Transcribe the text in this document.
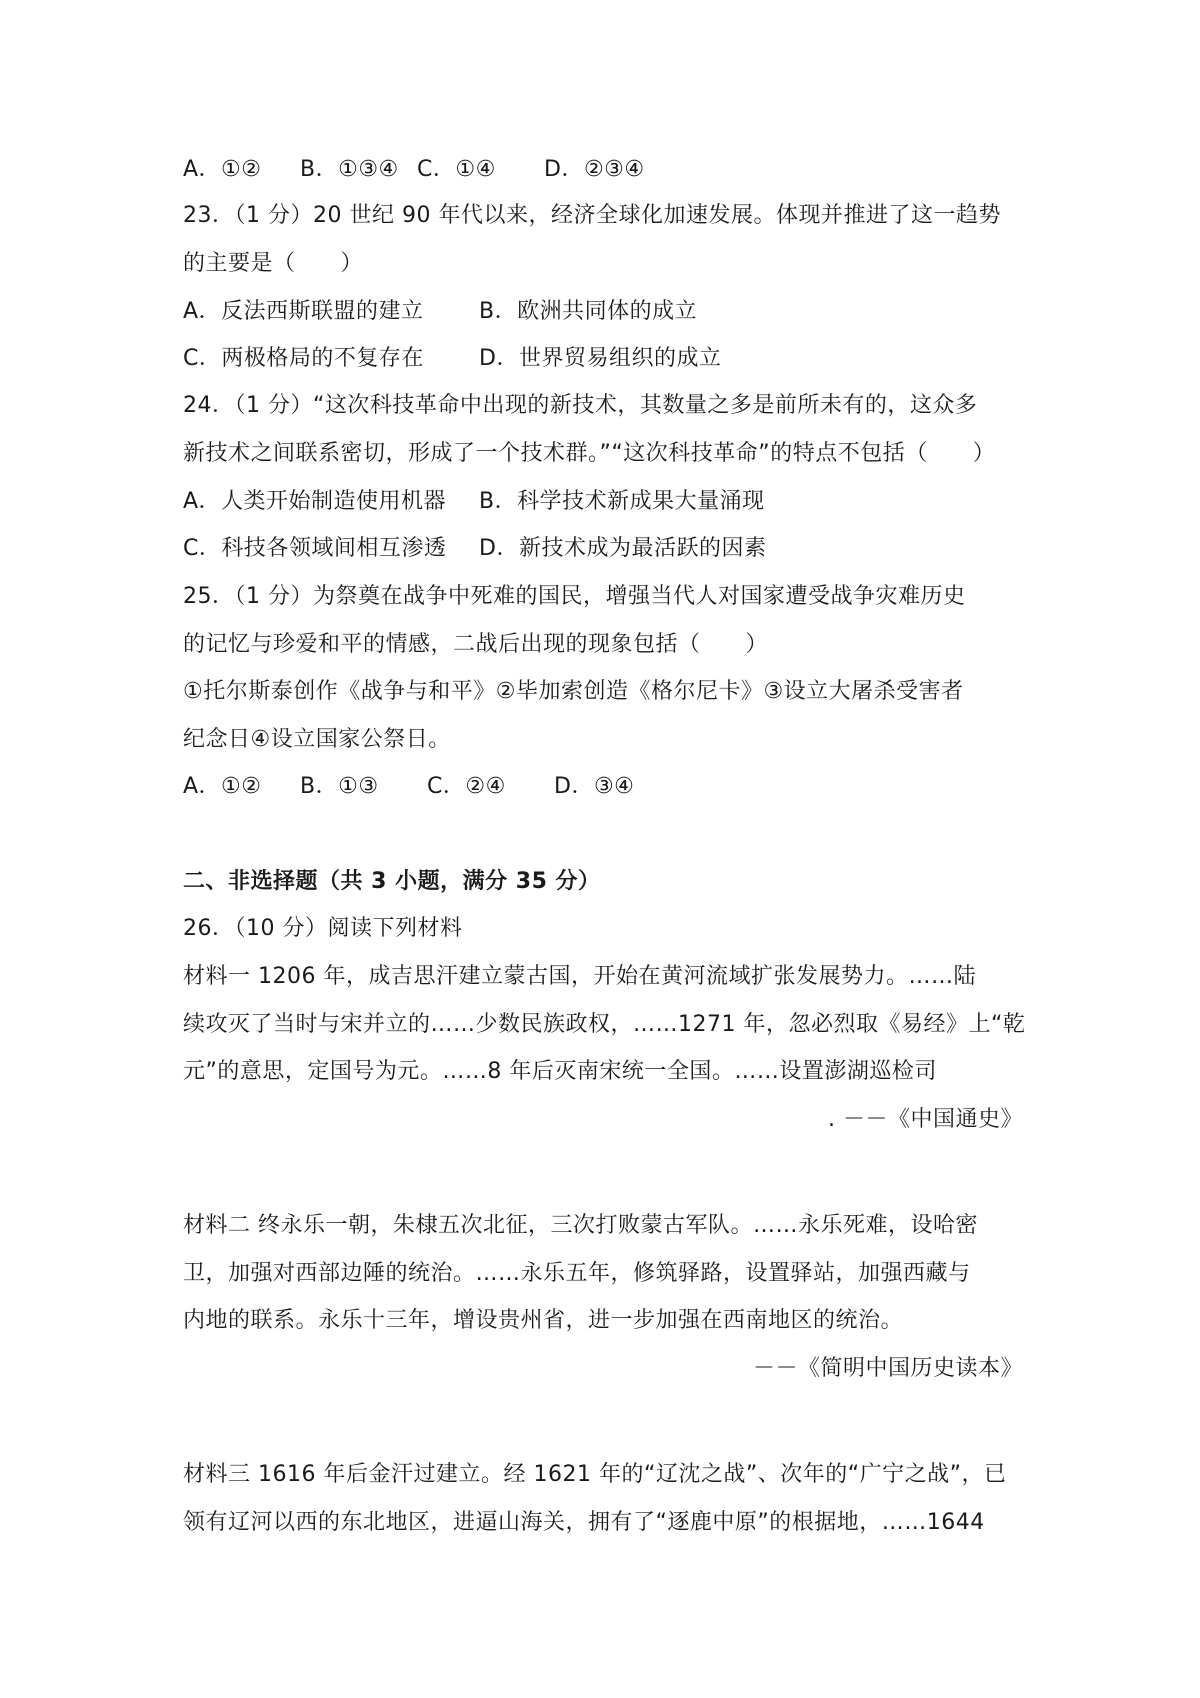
A．①② B．①③④ C．①④ D．②③④
23．（1 分）20 世纪 90 年代以来，经济全球化加速发展。体现并推进了这一趋势
的主要是（　　）
A．反法西斯联盟的建立	B．欧洲共同体的成立
C．两极格局的不复存在	D．世界贸易组织的成立
24．（1 分）“这次科技革命中出现的新技术，其数量之多是前所未有的，这众多
新技术之间联系密切，形成了一个技术群。”“这次科技革命”的特点不包括（　　）
A．人类开始制造使用机器 B．科学技术新成果大量涌现
C．科技各领域间相互渗透 D．新技术成为最活跃的因素
25．（1 分）为祭奠在战争中死难的国民，增强当代人对国家遭受战争灾难历史
的记忆与珍爱和平的情感，二战后出现的现象包括（　　）
①托尔斯泰创作《战争与和平》②毕加索创造《格尔尼卡》③设立大屠杀受害者
纪念日④设立国家公祭日。
A．①② B．①③ C．②④ D．③④
二、非选择题（共 3 小题，满分 35 分）
26．（10 分）阅读下列材料
材料一 1206 年，成吉思汗建立蒙古国，开始在黄河流域扩张发展势力。……陆
续攻灭了当时与宋并立的……少数民族政权，……1271 年，忽必烈取《易经》上“乾
元”的意思，定国号为元。……8 年后灭南宋统一全国。……设置澎湖巡检司
. －－《中国通史》
材料二 终永乐一朝，朱棣五次北征，三次打败蒙古军队。……永乐死难，设哈密
卫，加强对西部边陲的统治。……永乐五年，修筑驿路，设置驿站，加强西藏与
内地的联系。永乐十三年，增设贵州省，进一步加强在西南地区的统治。
－－《简明中国历史读本》
材料三 1616 年后金汗过建立。经 1621 年的“辽沈之战”、次年的“广宁之战”，已
领有辽河以西的东北地区，进逼山海关，拥有了“逐鹿中原”的根据地，……1644
